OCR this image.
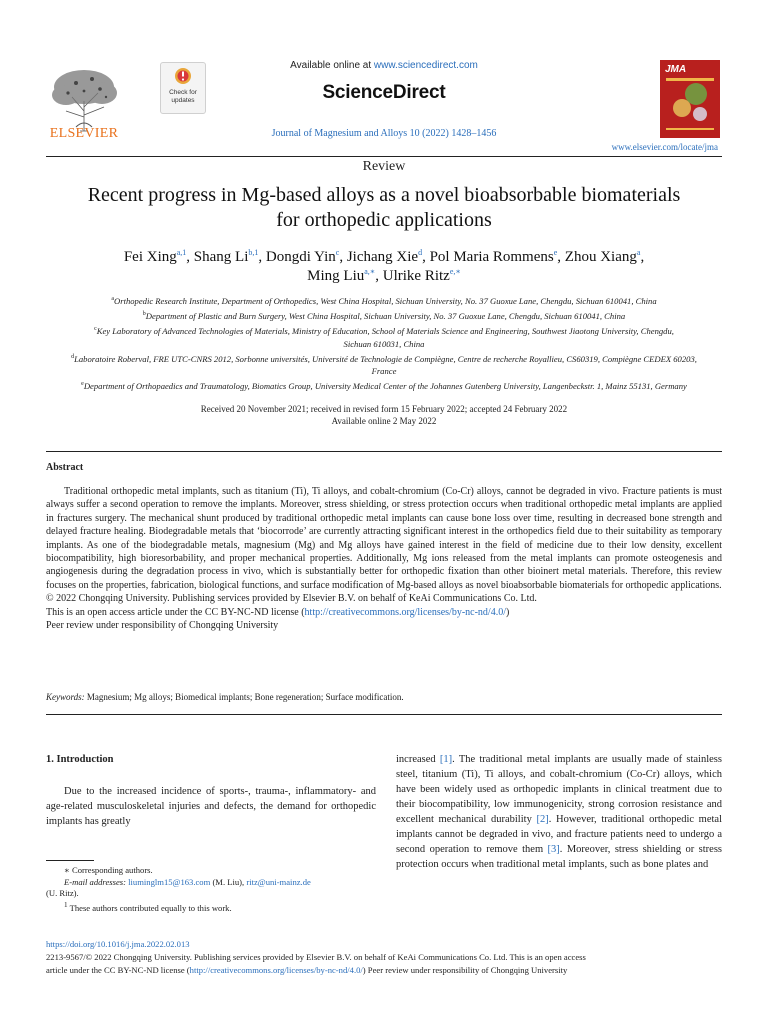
ELSEVIER
Check for updates
Available online at www.sciencedirect.com
ScienceDirect
Journal of Magnesium and Alloys 10 (2022) 1428–1456
JMA
www.elsevier.com/locate/jma
Review
Recent progress in Mg-based alloys as a novel bioabsorbable biomaterials
for orthopedic applications
Fei Xing$^{a,1}$, Shang Li$^{b,1}$, Dongdi Yin$^c$, Jichang Xie$^d$, Pol Maria Rommens$^e$, Zhou Xiang$^a$,
Ming Liu$^{a,∗}$, Ulrike Ritz$^{e,∗}$
$^a$Orthopedic Research Institute, Department of Orthopedics, West China Hospital, Sichuan University, No. 37 Guoxue Lane, Chengdu, Sichuan 610041, China
$^b$Department of Plastic and Burn Surgery, West China Hospital, Sichuan University, No. 37 Guoxue Lane, Chengdu, Sichuan 610041, China
$^c$Key Laboratory of Advanced Technologies of Materials, Ministry of Education, School of Materials Science and Engineering, Southwest Jiaotong University, Chengdu, Sichuan 610031, China
$^d$Laboratoire Roberval, FRE UTC-CNRS 2012, Sorbonne universités, Université de Technologie de Compiègne, Centre de recherche Royallieu, CS60319, Compiègne CEDEX 60203, France
$^e$Department of Orthopaedics and Traumatology, Biomatics Group, University Medical Center of the Johannes Gutenberg University, Langenbeckstr. 1, Mainz 55131, Germany
Received 20 November 2021; received in revised form 15 February 2022; accepted 24 February 2022
Available online 2 May 2022
Abstract
Traditional orthopedic metal implants, such as titanium (Ti), Ti alloys, and cobalt-chromium (Co-Cr) alloys, cannot be degraded in vivo. Fracture patients is must always suffer a second operation to remove the implants. Moreover, stress shielding, or stress protection occurs when traditional orthopedic metal implants are applied in fractures surgery. The mechanical shunt produced by traditional orthopedic metal implants can cause bone loss over time, resulting in decreased bone strength and delayed fracture healing. Biodegradable metals that ‘biocorrode’ are currently attracting significant interest in the orthopedics field due to their suitability as temporary implants. As one of the biodegradable metals, magnesium (Mg) and Mg alloys have gained interest in the field of medicine due to their low density, excellent biocompatibility, high bioresorbability, and proper mechanical properties. Additionally, Mg ions released from the metal implants can promote osteogenesis and angiogenesis during the degradation process in vivo, which is substantially better for orthopedic fixation than other bioinert metal materials. Therefore, this review focuses on the properties, fabrication, biological functions, and surface modification of Mg-based alloys as novel bioabsorbable biomaterials for orthopedic applications.
© 2022 Chongqing University. Publishing services provided by Elsevier B.V. on behalf of KeAi Communications Co. Ltd.
This is an open access article under the CC BY-NC-ND license (http://creativecommons.org/licenses/by-nc-nd/4.0/)
Peer review under responsibility of Chongqing University
Keywords: Magnesium; Mg alloys; Biomedical implants; Bone regeneration; Surface modification.
1. Introduction
Due to the increased incidence of sports-, trauma-, inflammatory- and age-related musculoskeletal injuries and defects, the demand for orthopedic implants has greatly
increased [1]. The traditional metal implants are usually made of stainless steel, titanium (Ti), Ti alloys, and cobalt-chromium (Co-Cr) alloys, which have been widely used as orthopedic implants in clinical treatment due to their biocompatibility, low immunogenicity, strong corrosion resistance and excellent mechanical durability [2]. However, traditional orthopedic metal implants cannot be degraded in vivo, and fracture patients need to undergo a second operation to remove them [3]. Moreover, stress shielding or stress protection occurs when traditional metal implants, such as bone plates and
∗ Corresponding authors.
E-mail addresses: liuminglm15@163.com (M. Liu), ritz@uni-mainz.de
(U. Ritz).
$^1$ These authors contributed equally to this work.
https://doi.org/10.1016/j.jma.2022.02.013
2213-9567/© 2022 Chongqing University. Publishing services provided by Elsevier B.V. on behalf of KeAi Communications Co. Ltd. This is an open access
article under the CC BY-NC-ND license (http://creativecommons.org/licenses/by-nc-nd/4.0/) Peer review under responsibility of Chongqing University
